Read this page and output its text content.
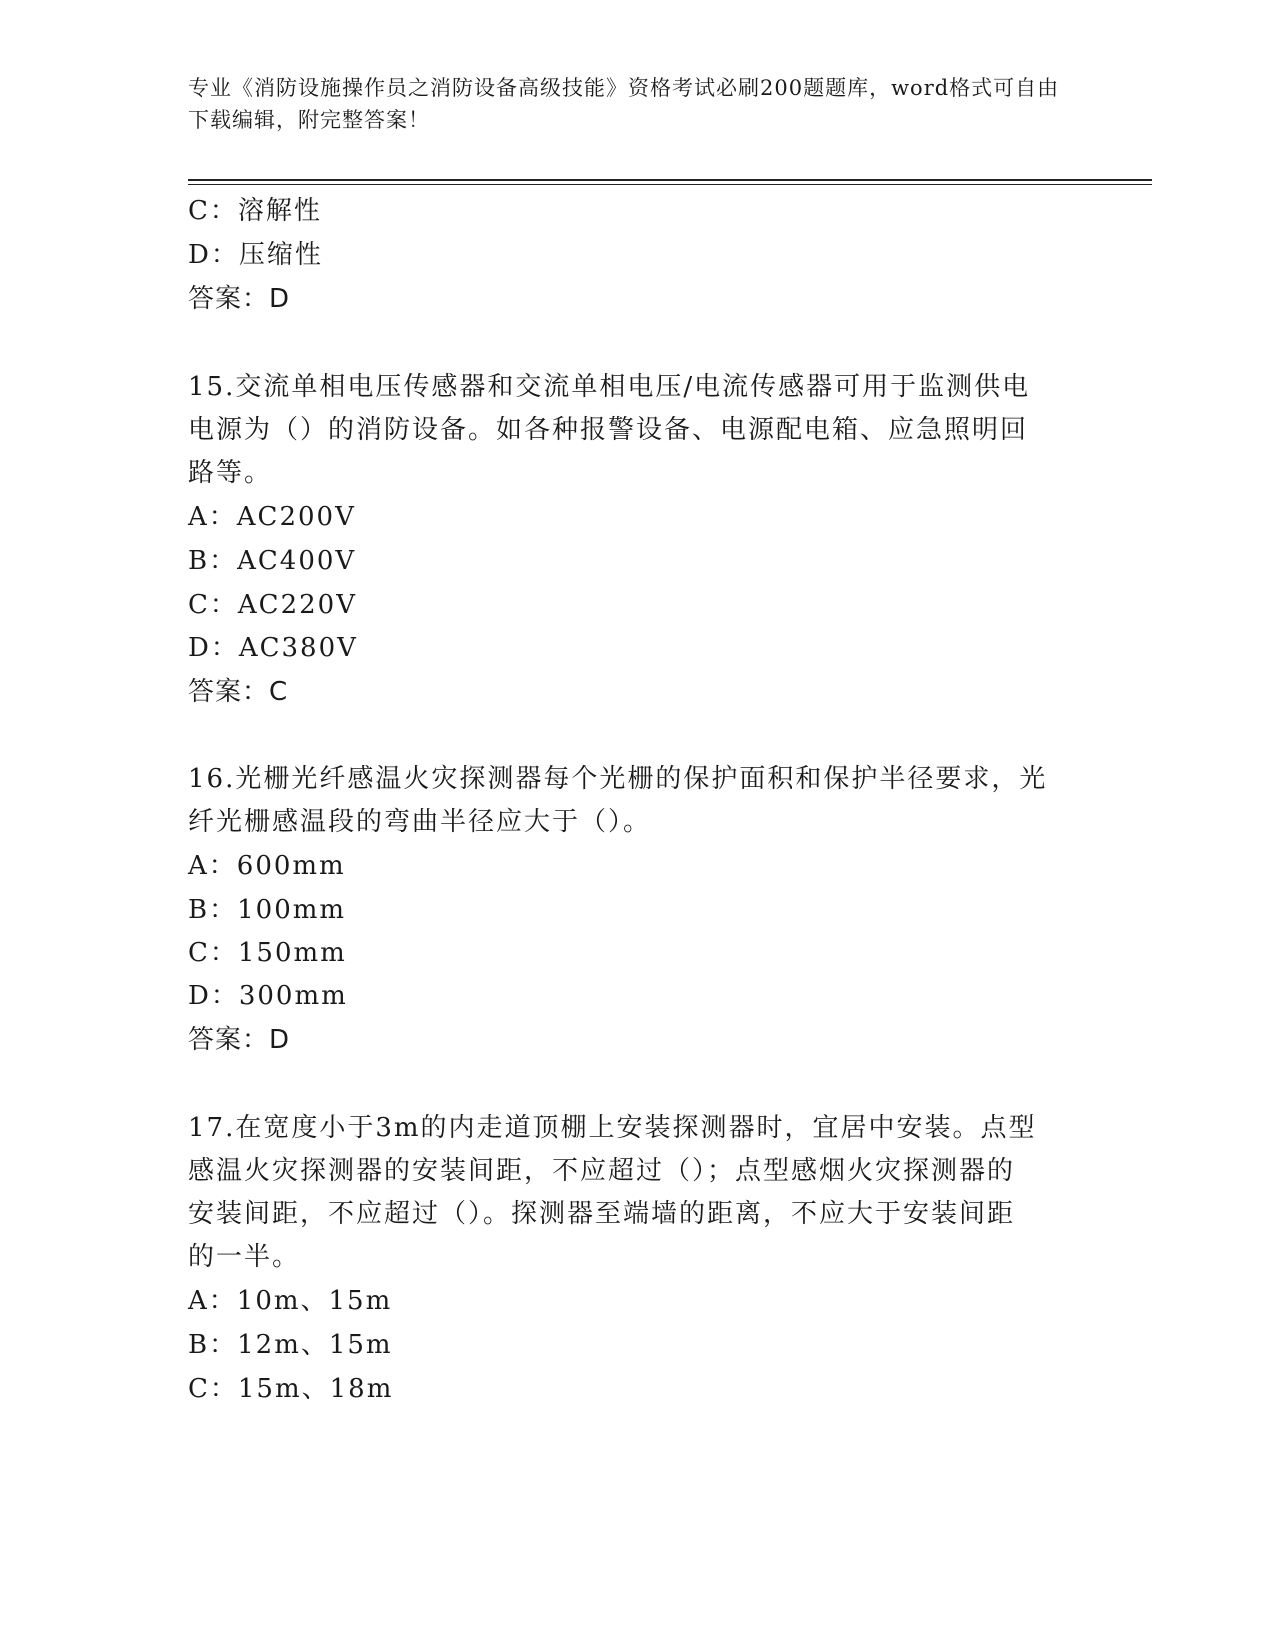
专业《消防设施操作员之消防设备高级技能》资格考试必刷200题题库，word格式可自由下载编辑，附完整答案！
C：溶解性
D：压缩性
答案：D
15.交流单相电压传感器和交流单相电压/电流传感器可用于监测供电
电源为（）的消防设备。如各种报警设备、电源配电箱、应急照明回
路等。
A：AC200V
B：AC400V
C：AC220V
D：AC380V
答案：C
16.光栅光纤感温火灾探测器每个光栅的保护面积和保护半径要求，光
纤光栅感温段的弯曲半径应大于（）。
A：600mm
B：100mm
C：150mm
D：300mm
答案：D
17.在宽度小于3m的内走道顶棚上安装探测器时，宜居中安装。点型
感温火灾探测器的安装间距，不应超过（）；点型感烟火灾探测器的
安装间距，不应超过（）。探测器至端墙的距离，不应大于安装间距
的一半。
A：10m、15m
B：12m、15m
C：15m、18m
